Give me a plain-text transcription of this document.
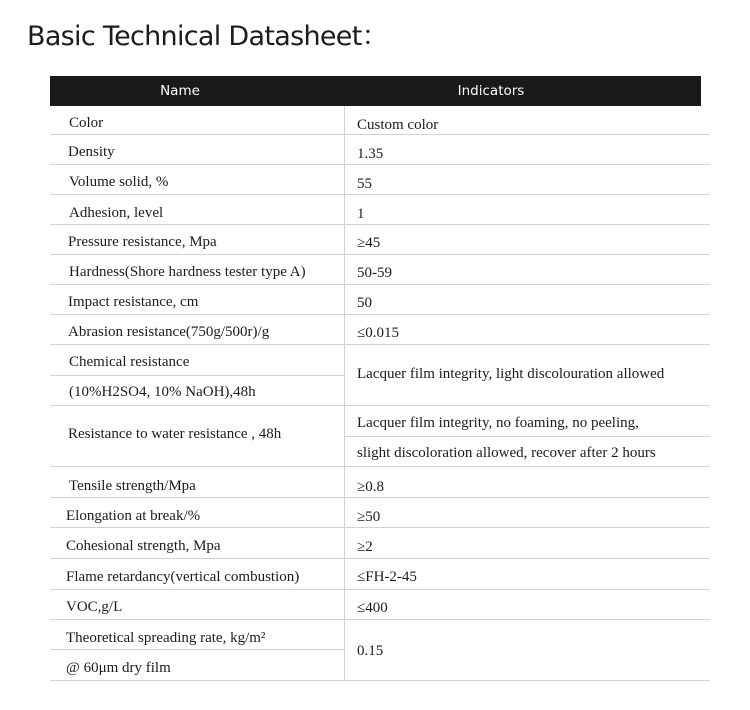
Basic Technical Datasheet：
Name	Indicators
Color
Density
Volume solid, %
Adhesion, level
Pressure resistance, Mpa
Hardness(Shore hardness tester type A)
Impact resistance, cm
Abrasion resistance(750g/500r)/g
Chemical resistance
(10%H2SO4, 10% NaOH),48h
Resistance to water resistance , 48h
Tensile strength/Mpa
Elongation at break/%
Cohesional strength, Mpa
Flame retardancy(vertical combustion)
VOC,g/L
Theoretical spreading rate, kg/m²
@ 60μm dry film
Custom color
1.35
55
1
≥45
50-59
50
≤0.015
Lacquer film integrity, light discolouration allowed
Lacquer film integrity, no foaming, no peeling,
slight discoloration allowed, recover after 2 hours
≥0.8
≥50
≥2
≤FH-2-45
≤400
0.15
